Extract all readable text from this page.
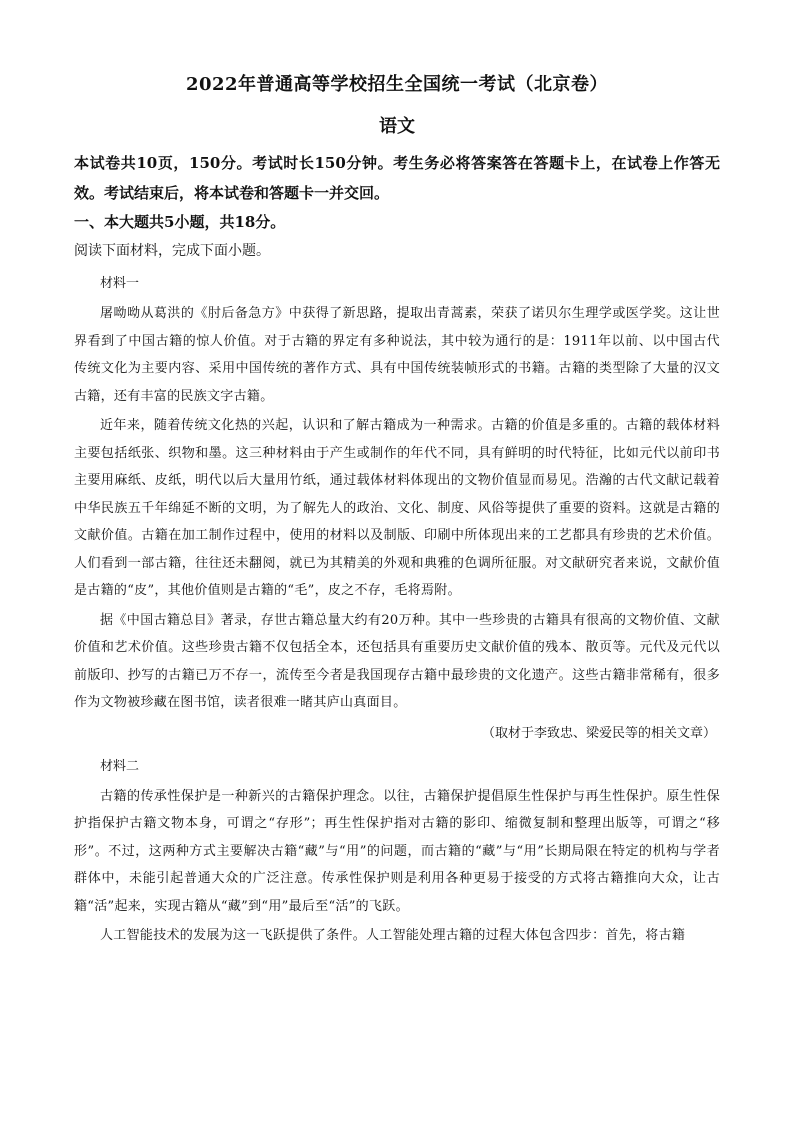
2022年普通高等学校招生全国统一考试（北京卷）
语文

本试卷共10页，150分。考试时长150分钟。考生务必将答案答在答题卡上，在试卷上作答无效。考试结束后，将本试卷和答题卡一并交回。

一、本大题共5小题，共18分。

阅读下面材料，完成下面小题。

材料一

屠呦呦从葛洪的《肘后备急方》中获得了新思路，提取出青蒿素，荣获了诺贝尔生理学或医学奖。这让世界看到了中国古籍的惊人价值。对于古籍的界定有多种说法，其中较为通行的是：1911年以前、以中国古代传统文化为主要内容、采用中国传统的著作方式、具有中国传统装帧形式的书籍。古籍的类型除了大量的汉文古籍，还有丰富的民族文字古籍。

近年来，随着传统文化热的兴起，认识和了解古籍成为一种需求。古籍的价值是多重的。古籍的载体材料主要包括纸张、织物和墨。这三种材料由于产生或制作的年代不同，具有鲜明的时代特征，比如元代以前印书主要用麻纸、皮纸，明代以后大量用竹纸，通过载体材料体现出的文物价值显而易见。浩瀚的古代文献记载着中华民族五千年绵延不断的文明，为了解先人的政治、文化、制度、风俗等提供了重要的资料。这就是古籍的文献价值。古籍在加工制作过程中，使用的材料以及制版、印刷中所体现出来的工艺都具有珍贵的艺术价值。人们看到一部古籍，往往还未翻阅，就已为其精美的外观和典雅的色调所征服。对文献研究者来说，文献价值是古籍的“皮”，其他价值则是古籍的“毛”，皮之不存，毛将焉附。

据《中国古籍总目》著录，存世古籍总量大约有20万种。其中一些珍贵的古籍具有很高的文物价值、文献价值和艺术价值。这些珍贵古籍不仅包括全本，还包括具有重要历史文献价值的残本、散页等。元代及元代以前版印、抄写的古籍已万不存一，流传至今者是我国现存古籍中最珍贵的文化遗产。这些古籍非常稀有，很多作为文物被珍藏在图书馆，读者很难一睹其庐山真面目。

（取材于李致忠、梁爱民等的相关文章）

材料二

古籍的传承性保护是一种新兴的古籍保护理念。以往，古籍保护提倡原生性保护与再生性保护。原生性保护指保护古籍文物本身，可谓之“存形”；再生性保护指对古籍的影印、缩微复制和整理出版等，可谓之“移形”。不过，这两种方式主要解决古籍“藏”与“用”的问题，而古籍的“藏”与“用”长期局限在特定的机构与学者群体中，未能引起普通大众的广泛注意。传承性保护则是利用各种更易于接受的方式将古籍推向大众，让古籍“活”起来，实现古籍从“藏”到“用”最后至“活”的飞跃。

人工智能技术的发展为这一飞跃提供了条件。人工智能处理古籍的过程大体包含四步：首先，将古籍
